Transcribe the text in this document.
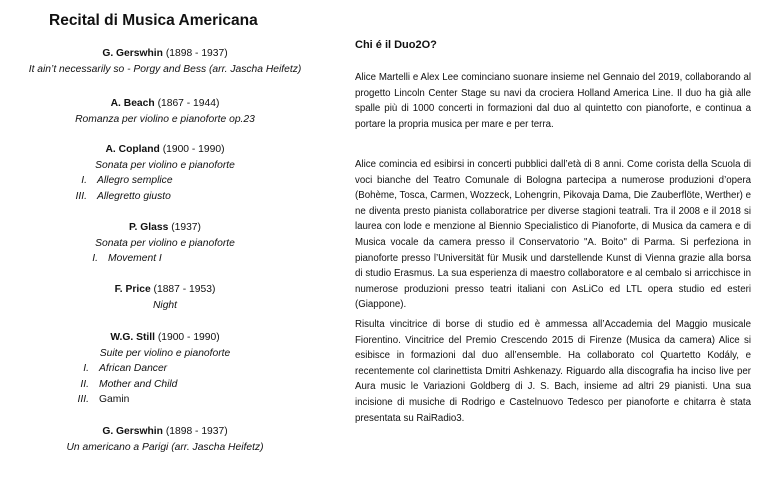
Recital di Musica Americana
G. Gerswhin (1898 - 1937)
It ain’t necessarily so - Porgy and Bess (arr. Jascha Heifetz)
A. Beach (1867 - 1944)
Romanza per violino e pianoforte op.23
A. Copland (1900 - 1990)
Sonata per violino e pianoforte
I. Allegro semplice
III. Allegretto giusto
P. Glass (1937)
Sonata per violino e pianoforte
I. Movement I
F. Price (1887 - 1953)
Night
W.G. Still (1900 - 1990)
Suite per violino e pianoforte
I. African Dancer
II. Mother and Child
III. Gamin
G. Gerswhin (1898 - 1937)
Un americano a Parigi (arr. Jascha Heifetz)
Chi é il Duo2O?
Alice Martelli e Alex Lee cominciano suonare insieme nel Gennaio del 2019, collaborando al progetto Lincoln Center Stage su navi da crociera Holland America Line. Il duo ha già alle spalle più di 1000 concerti in formazioni dal duo al quintetto con pianoforte, e continua a portare la propria musica per mare e per terra.
Alice comincia ed esibirsi in concerti pubblici dall’età di 8 anni. Come corista della Scuola di voci bianche del Teatro Comunale di Bologna partecipa a numerose produzioni d’opera (Bohème, Tosca, Carmen, Wozzeck, Lohengrin, Pikovaja Dama, Die Zauberflöte, Werther) e ne diventa presto pianista collaboratrice per diverse stagioni teatrali. Tra il 2008 e il 2018 si laurea con lode e menzione al Biennio Specialistico di Pianoforte, di Musica da camera e di Musica vocale da camera presso il Conservatorio "A. Boito" di Parma. Si perfeziona in pianoforte presso l’Universität für Musik und darstellende Kunst di Vienna grazie alla borsa di studio Erasmus. La sua esperienza di maestro collaboratore e al cembalo si arricchisce in numerose produzioni presso teatri italiani con AsLiCo ed LTL opera studio ed esteri (Giappone).
Risulta vincitrice di borse di studio ed è ammessa all’Accademia del Maggio musicale Fiorentino. Vincitrice del Premio Crescendo 2015 di Firenze (Musica da camera) Alice si esibisce in formazioni dal duo all’ensemble. Ha collaborato col Quartetto Kodály, e recentemente col clarinettista Dmitri Ashkenazy. Riguardo alla discografia ha inciso live per Aura music le Variazioni Goldberg di J. S. Bach, insieme ad altri 29 pianisti. Una sua incisione di musiche di Rodrigo e Castelnuovo Tedesco per pianoforte e chitarra è stata presentata su RaiRadio3.
